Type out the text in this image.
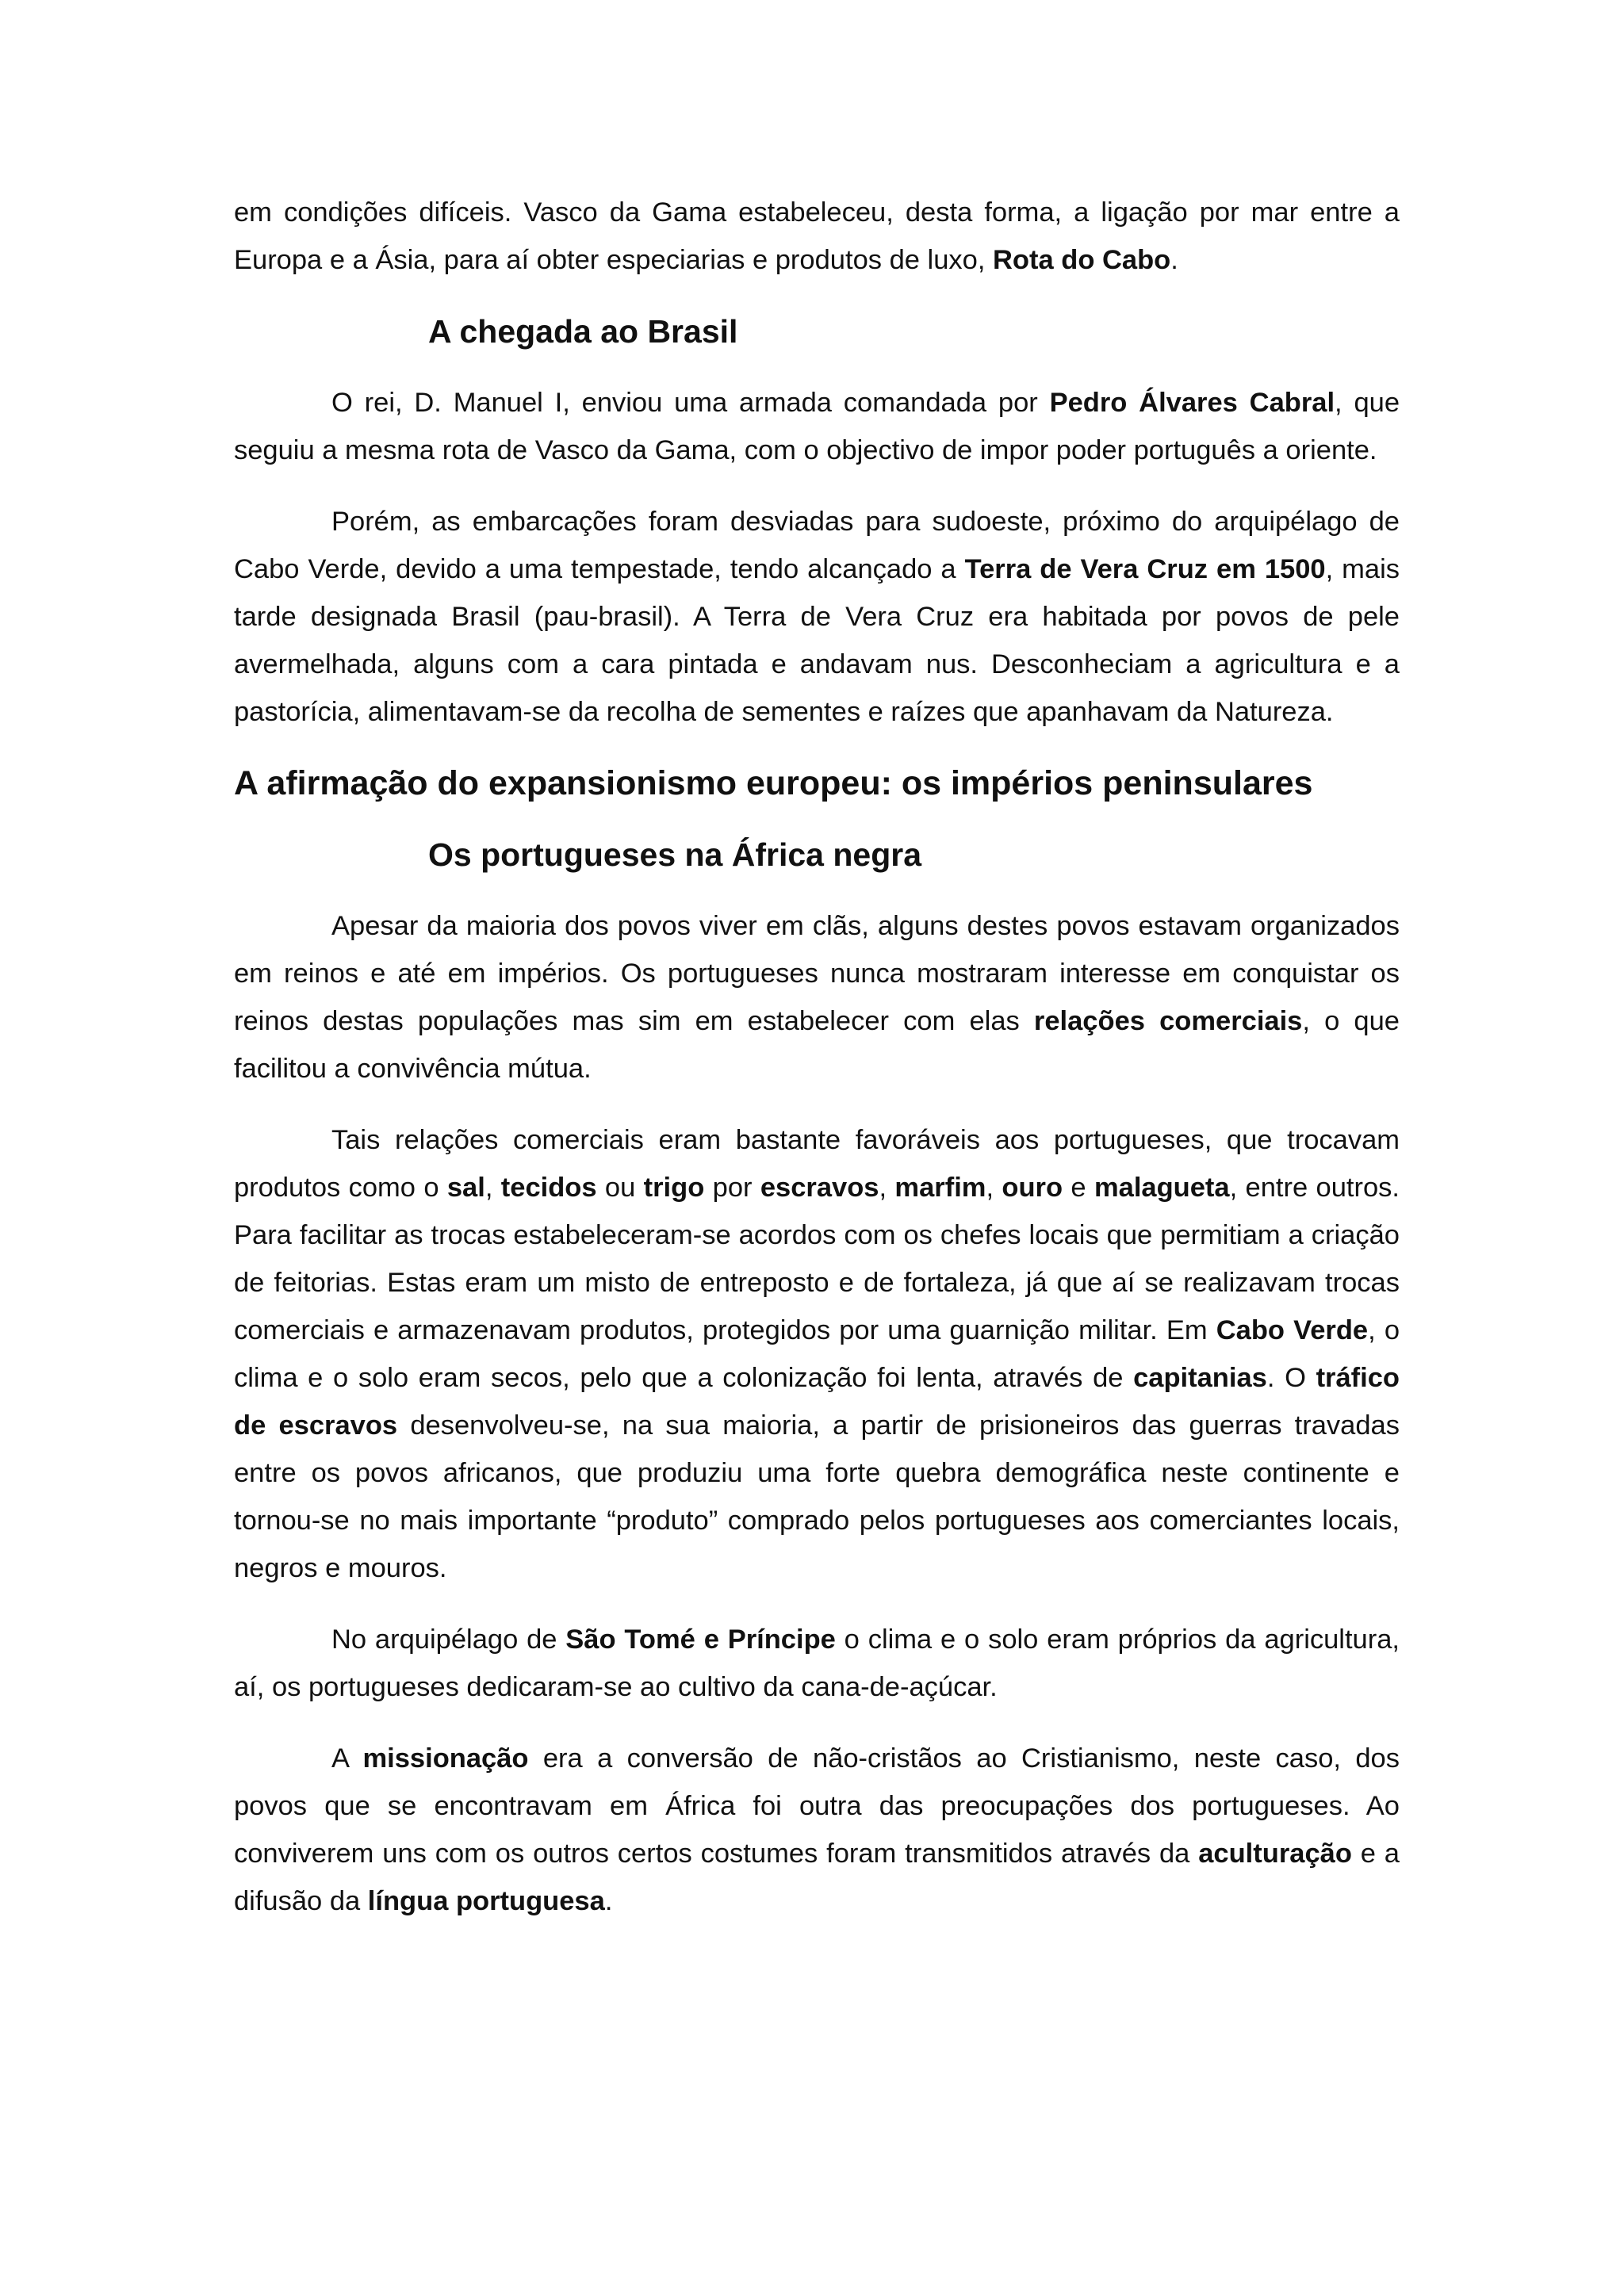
em condições difíceis. Vasco da Gama estabeleceu, desta forma, a ligação por mar entre a Europa e a Ásia, para aí obter especiarias e produtos de luxo, Rota do Cabo.

A chegada ao Brasil

O rei, D. Manuel I, enviou uma armada comandada por Pedro Álvares Cabral, que seguiu a mesma rota de Vasco da Gama, com o objectivo de impor poder português a oriente.

Porém, as embarcações foram desviadas para sudoeste, próximo do arquipélago de Cabo Verde, devido a uma tempestade, tendo alcançado a Terra de Vera Cruz em 1500, mais tarde designada Brasil (pau-brasil). A Terra de Vera Cruz era habitada por povos de pele avermelhada, alguns com a cara pintada e andavam nus. Desconheciam a agricultura e a pastorícia, alimentavam-se da recolha de sementes e raízes que apanhavam da Natureza.

A afirmação do expansionismo europeu: os impérios peninsulares
Os portugueses na África negra

Apesar da maioria dos povos viver em clãs, alguns destes povos estavam organizados em reinos e até em impérios. Os portugueses nunca mostraram interesse em conquistar os reinos destas populações mas sim em estabelecer com elas relações comerciais, o que facilitou a convivência mútua.

Tais relações comerciais eram bastante favoráveis aos portugueses, que trocavam produtos como o sal, tecidos ou trigo por escravos, marfim, ouro e malagueta, entre outros. Para facilitar as trocas estabeleceram-se acordos com os chefes locais que permitiam a criação de feitorias. Estas eram um misto de entreposto e de fortaleza, já que aí se realizavam trocas comerciais e armazenavam produtos, protegidos por uma guarnição militar. Em Cabo Verde, o clima e o solo eram secos, pelo que a colonização foi lenta, através de capitanias. O tráfico de escravos desenvolveu-se, na sua maioria, a partir de prisioneiros das guerras travadas entre os povos africanos, que produziu uma forte quebra demográfica neste continente e tornou-se no mais importante “produto” comprado pelos portugueses aos comerciantes locais, negros e mouros.

No arquipélago de São Tomé e Príncipe o clima e o solo eram próprios da agricultura, aí, os portugueses dedicaram-se ao cultivo da cana-de-açúcar.

A missionação era a conversão de não-cristãos ao Cristianismo, neste caso, dos povos que se encontravam em África foi outra das preocupações dos portugueses. Ao conviverem uns com os outros certos costumes foram transmitidos através da aculturação e a difusão da língua portuguesa.
